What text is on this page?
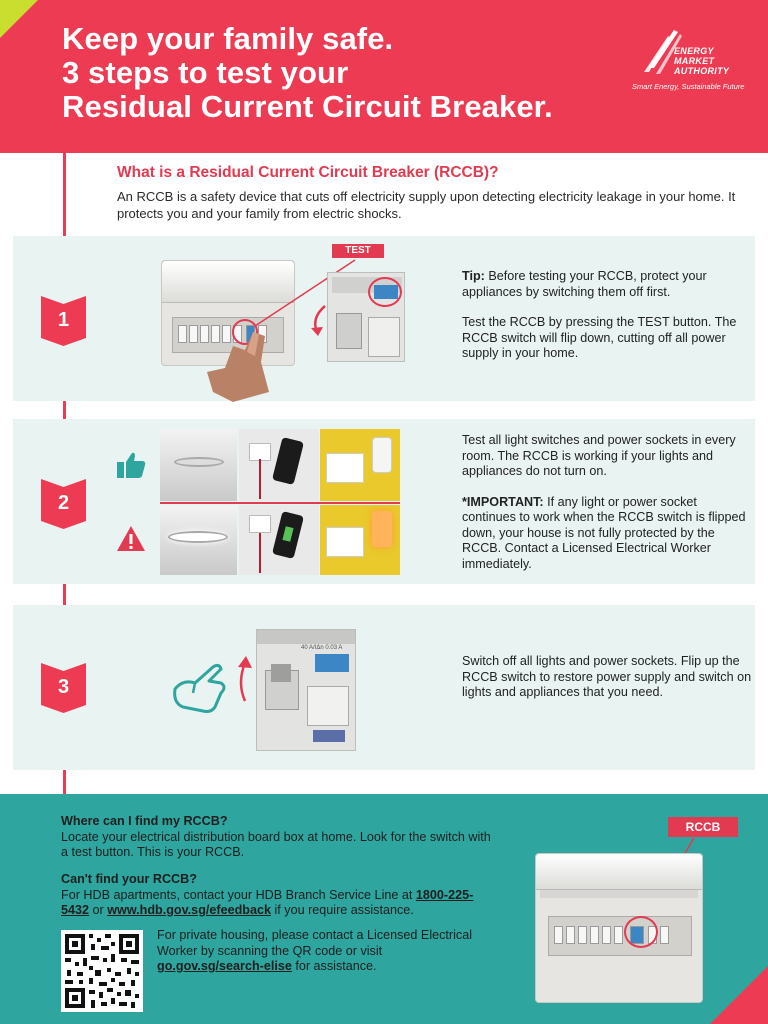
Keep your family safe.
3 steps to test your
Residual Current Circuit Breaker.
ENERGY
MARKET
AUTHORITY
Smart Energy, Sustainable Future
What is a Residual Current Circuit Breaker (RCCB)?
An RCCB is a safety device that cuts off electricity supply upon detecting electricity leakage in your home. It protects you and your family from electric shocks.
TEST

Tip: Before testing your RCCB, protect your appliances by switching them off first.

Test the RCCB by pressing the TEST button. The RCCB switch will flip down, cutting off all power supply in your home.

Test all light switches and power sockets in every room. The RCCB is working if your lights and appliances do not turn on.

*IMPORTANT: If any light or power socket continues to work when the RCCB switch is flipped down, your house is not fully protected by the RCCB. Contact a Licensed Electrical Worker immediately.

40 A/IΔn 0.03 A

Switch off all lights and power sockets. Flip up the RCCB switch to restore power supply and switch on lights and appliances that you need.

1
2
3
Where can I find my RCCB?
Locate your electrical distribution board box at home. Look for the switch with a test button. This is your RCCB.
Can't find your RCCB?
For HDB apartments, contact your HDB Branch Service Line at 1800-225-5432 or www.hdb.gov.sg/efeedback if you require assistance.
For private housing, please contact a Licensed Electrical Worker by scanning the QR code or visit go.gov.sg/search-elise for assistance.
RCCB
